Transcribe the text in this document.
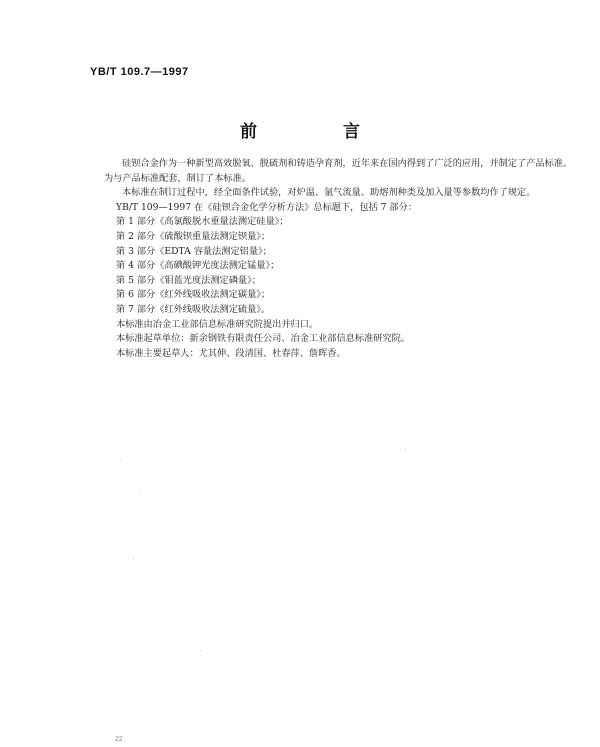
YB/T 109.7—1997
前 言

硅钡合金作为一种新型高效脱氧、脱硫剂和铸造孕育剂，近年来在国内得到了广泛的应用，并制定了产品标准。为与产品标准配套，制订了本标准。

本标准在制订过程中，经全面条件试验，对炉温、氩气流量、助熔剂种类及加入量等参数均作了规定。

YB/T 109—1997 在《硅钡合金化学分析方法》总标题下，包括 7 部分：

第 1 部分《高氯酸脱水重量法测定硅量》；

第 2 部分《硫酸钡重量法测定钡量》；

第 3 部分《EDTA 容量法测定铝量》；

第 4 部分《高碘酸钾光度法测定锰量》；

第 5 部分《钼蓝光度法测定磷量》；

第 6 部分《红外线吸收法测定碳量》；

第 7 部分《红外线吸收法测定硫量》。

本标准由冶金工业部信息标准研究院提出并归口。

本标准起草单位：新余钢铁有限责任公司、冶金工业部信息标准研究院。

本标准主要起草人：尤其伸、段清国、杜春萍、詹晖香。

22
